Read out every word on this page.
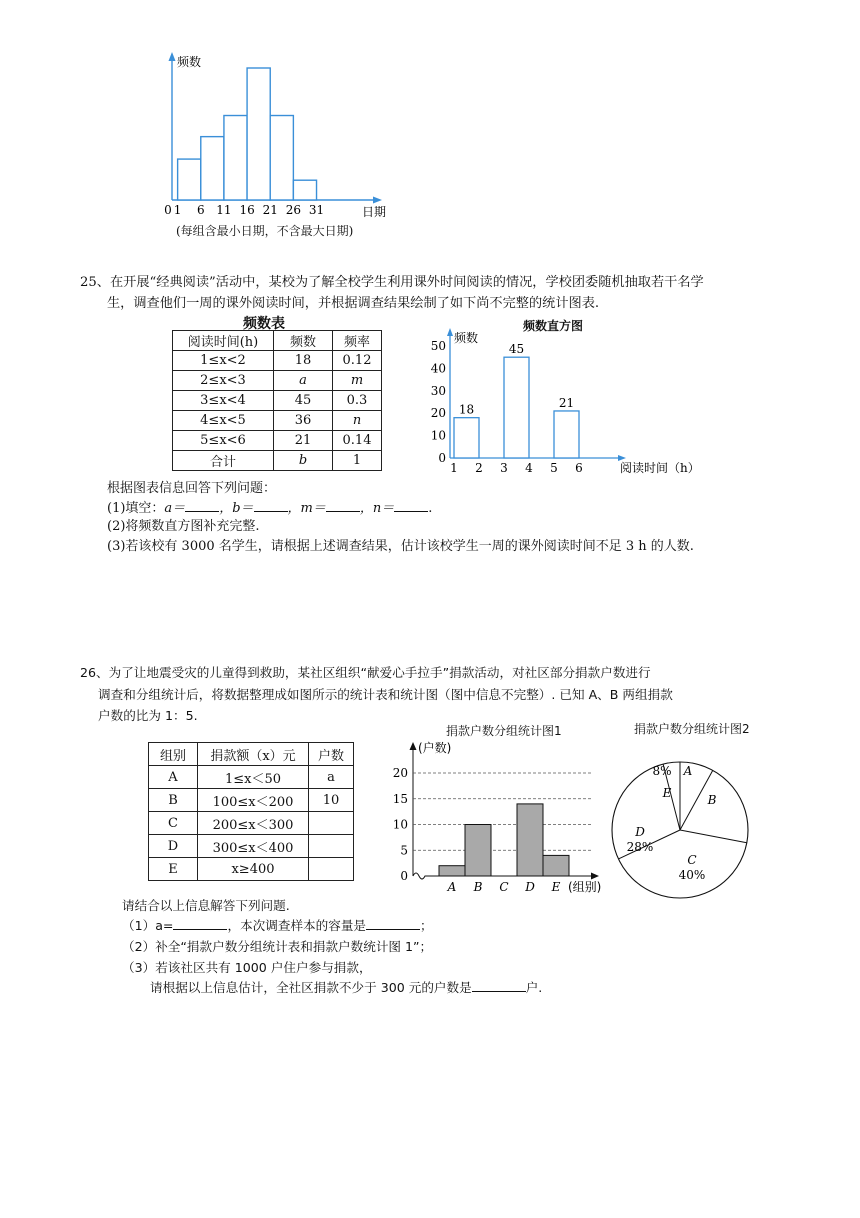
频数
0 1 6 11 16 21 26 31	日期
(每组含最小日期，不含最大日期)
25、在开展“经典阅读”活动中，某校为了解全校学生利用课外时间阅读的情况，学校团委随机抽取若干名学
生，调查他们一周的课外阅读时间，并根据调查结果绘制了如下尚不完整的统计图表.
频数表
阅读时间(h)	频数	频率
1≤x<2	18	0.12
2≤x<3	a	m
3≤x<4	45	0.3
4≤x<5	36	n
5≤x<6	21	0.14
合计	b	1
频数直方图
频数
0
10
20
30
40
50
18
45
21
1 2 3 4 5 6	阅读时间（h）
根据图表信息回答下列问题：
(1)填空：a＝	，b＝	，m＝	，n＝	.
(2)将频数直方图补充完整.
(3)若该校有 3000 名学生，请根据上述调查结果，估计该校学生一周的课外阅读时间不足 3 h 的人数.
26、为了让地震受灾的儿童得到救助，某社区组织“献爱心手拉手”捐款活动，对社区部分捐款户数进行
调查和分组统计后，将数据整理成如图所示的统计表和统计图（图中信息不完整）. 已知 A、B 两组捐款
户数的比为 1：5.
组别	捐款额（x）元	户数
A	1≤x＜50	a
B	100≤x＜200	10
C	200≤x＜300	
D	300≤x＜400	
E	x≥400	
捐款户数分组统计图1
(户数)
0
5
10
15
20
A B C D E (组别)
捐款户数分组统计图2
A
8%
B
C
40%
D
28%
E
请结合以上信息解答下列问题.
（1）a=	，本次调查样本的容量是	；
（2）补全“捐款户数分组统计表和捐款户数统计图 1”；
（3）若该社区共有 1000 户住户参与捐款，
请根据以上信息估计，全社区捐款不少于 300 元的户数是	户.
